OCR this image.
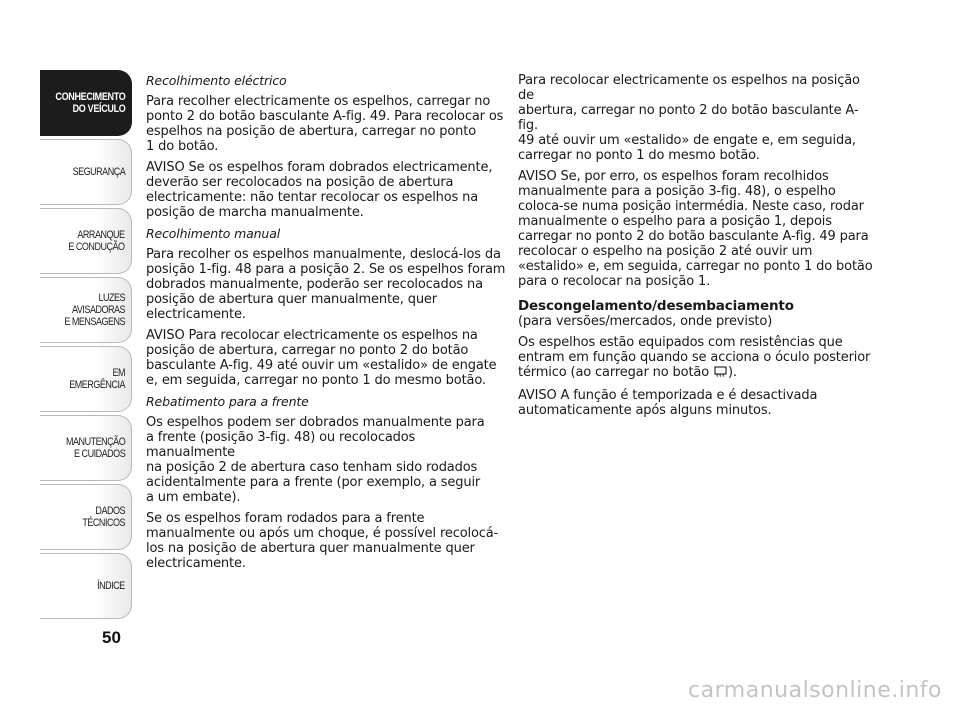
CONHECIMENTO
DO VEÍCULO
SEGURANÇA
ARRANQUE
E CONDUÇÃO
LUZES
AVISADORAS
E MENSAGENS
EM EMERGÊNCIA
MANUTENÇÃO
E CUIDADOS
DADOS
TÉCNICOS
ÍNDICE
50

Recolhimento eléctrico

Para recolher electricamente os espelhos, carregar no
ponto 2 do botão basculante A-fig. 49. Para recolocar os
espelhos na posição de abertura, carregar no ponto
1 do botão.

AVISO Se os espelhos foram dobrados electricamente,
deverão ser recolocados na posição de abertura
electricamente: não tentar recolocar os espelhos na
posição de marcha manualmente.

Recolhimento manual

Para recolher os espelhos manualmente, deslocá-los da
posição 1-fig. 48 para a posição 2. Se os espelhos foram
dobrados manualmente, poderão ser recolocados na
posição de abertura quer manualmente, quer
electricamente.

AVISO Para recolocar electricamente os espelhos na
posição de abertura, carregar no ponto 2 do botão
basculante A-fig. 49 até ouvir um «estalido» de engate
e, em seguida, carregar no ponto 1 do mesmo botão.

Rebatimento para a frente

Os espelhos podem ser dobrados manualmente para
a frente (posição 3-fig. 48) ou recolocados manualmente
na posição 2 de abertura caso tenham sido rodados
acidentalmente para a frente (por exemplo, a seguir
a um embate).

Se os espelhos foram rodados para a frente
manualmente ou após um choque, é possível recolocá-
los na posição de abertura quer manualmente quer
electricamente.

Para recolocar electricamente os espelhos na posição de
abertura, carregar no ponto 2 do botão basculante A-fig.
49 até ouvir um «estalido» de engate e, em seguida,
carregar no ponto 1 do mesmo botão.

AVISO Se, por erro, os espelhos foram recolhidos
manualmente para a posição 3-fig. 48), o espelho
coloca-se numa posição intermédia. Neste caso, rodar
manualmente o espelho para a posição 1, depois
carregar no ponto 2 do botão basculante A-fig. 49 para
recolocar o espelho na posição 2 até ouvir um
«estalido» e, em seguida, carregar no ponto 1 do botão
para o recolocar na posição 1.

Descongelamento/desembaciamento

(para versões/mercados, onde previsto)

Os espelhos estão equipados com resistências que
entram em função quando se acciona o óculo posterior
térmico (ao carregar no botão ).

AVISO A função é temporizada e é desactivada
automaticamente após alguns minutos.

carmanualsonline.info
